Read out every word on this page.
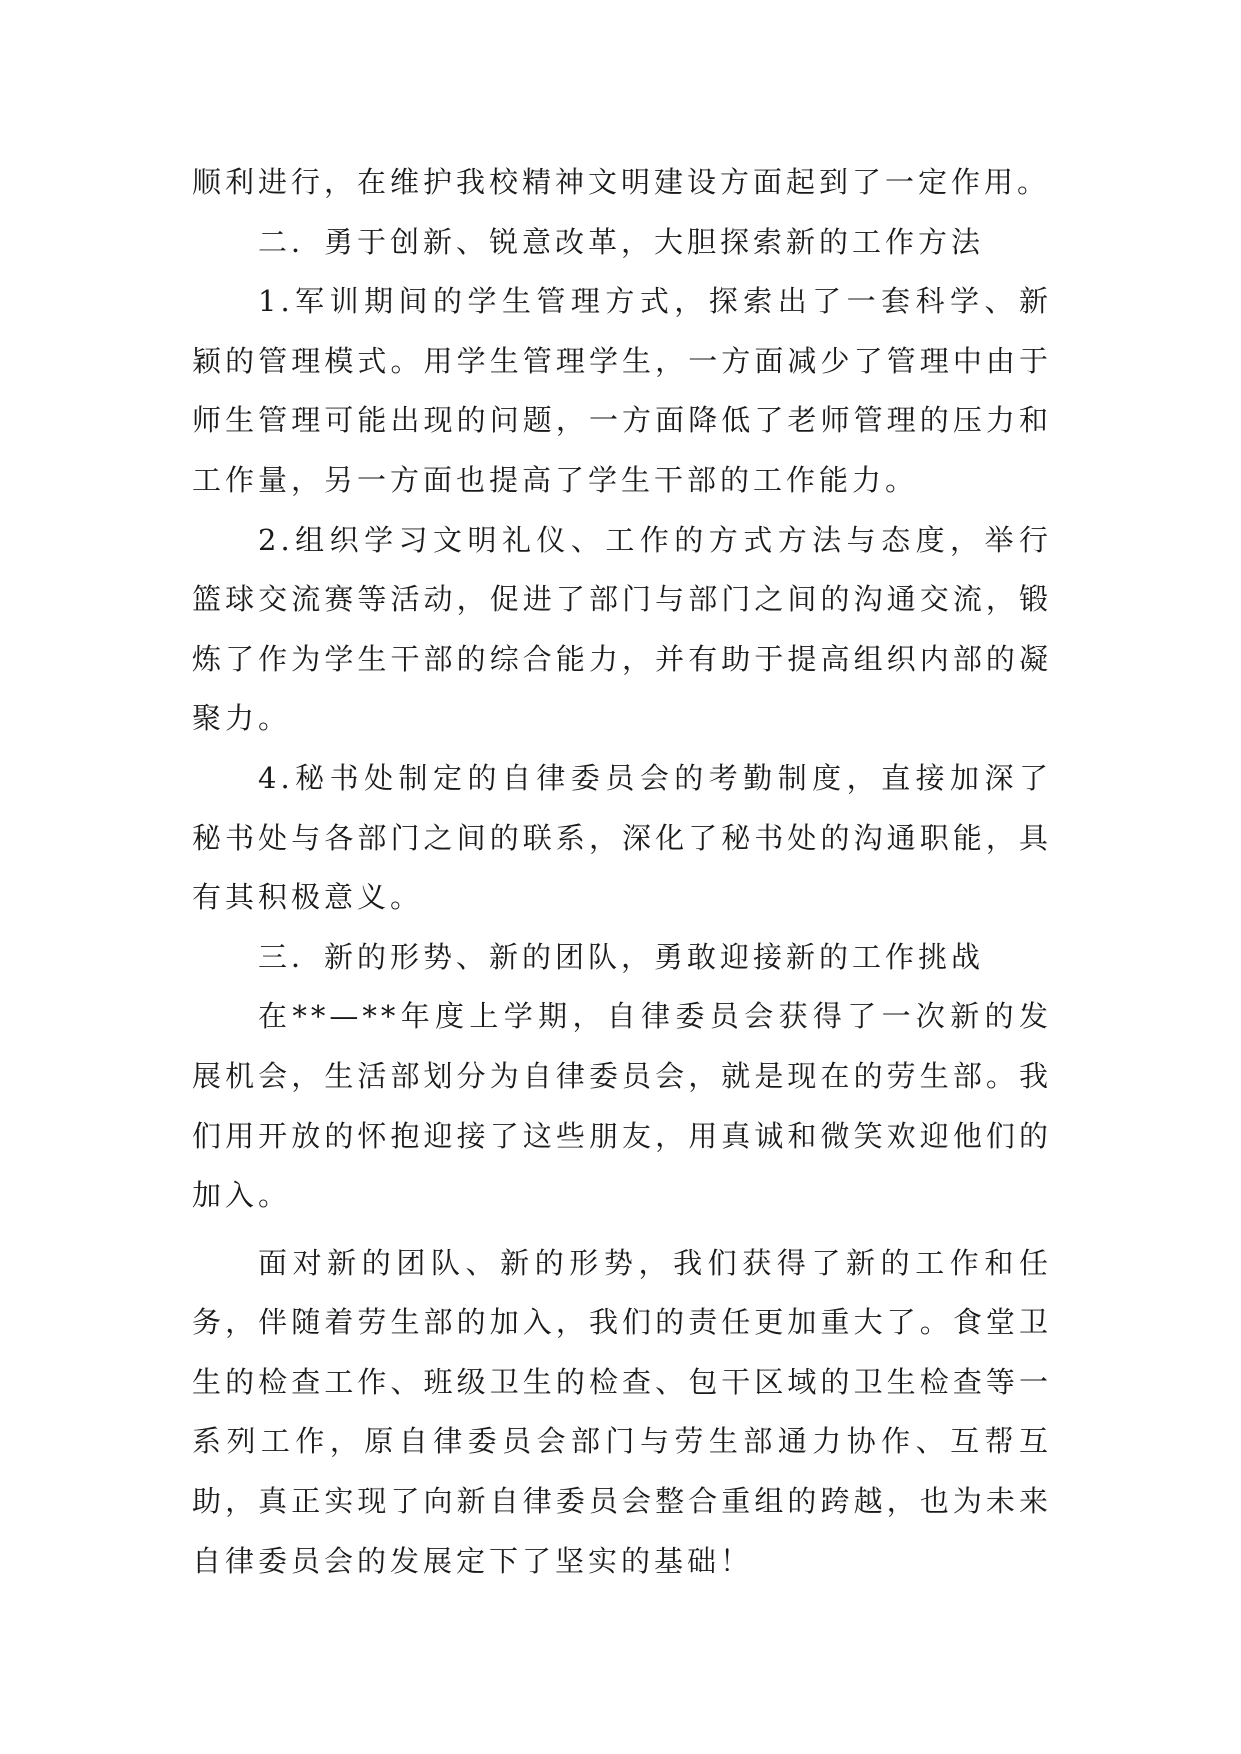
顺利进行，在维护我校精神文明建设方面起到了一定作用。

二．勇于创新、锐意改革，大胆探索新的工作方法

1.军训期间的学生管理方式，探索出了一套科学、新颖的管理模式。用学生管理学生，一方面减少了管理中由于师生管理可能出现的问题，一方面降低了老师管理的压力和工作量，另一方面也提高了学生干部的工作能力。

2.组织学习文明礼仪、工作的方式方法与态度，举行篮球交流赛等活动，促进了部门与部门之间的沟通交流，锻炼了作为学生干部的综合能力，并有助于提高组织内部的凝聚力。

4.秘书处制定的自律委员会的考勤制度，直接加深了秘书处与各部门之间的联系，深化了秘书处的沟通职能，具有其积极意义。

三．新的形势、新的团队，勇敢迎接新的工作挑战

在**—**年度上学期，自律委员会获得了一次新的发展机会，生活部划分为自律委员会，就是现在的劳生部。我们用开放的怀抱迎接了这些朋友，用真诚和微笑欢迎他们的加入。

面对新的团队、新的形势，我们获得了新的工作和任务，伴随着劳生部的加入，我们的责任更加重大了。食堂卫生的检查工作、班级卫生的检查、包干区域的卫生检查等一系列工作，原自律委员会部门与劳生部通力协作、互帮互助，真正实现了向新自律委员会整合重组的跨越，也为未来自律委员会的发展定下了坚实的基础！
